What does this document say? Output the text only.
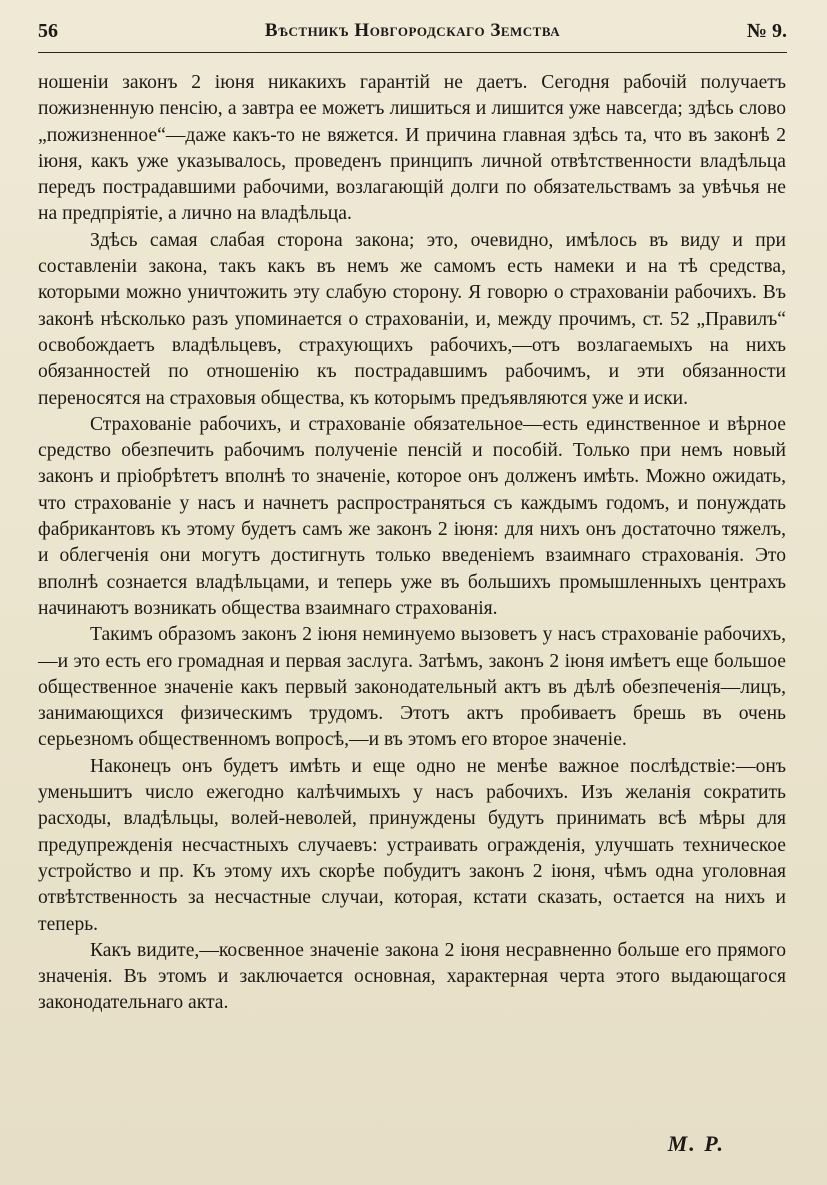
56	Вѣстникъ Новгородскаго Земства	№ 9.

ношеніи законъ 2 іюня никакихъ гарантій не даетъ. Сегодня рабочій получаетъ пожизненную пенсію, а завтра ее можетъ лишиться и лишится уже навсегда; здѣсь слово „пожизненное“—даже какъ-то не вяжется. И причина главная здѣсь та, что въ законѣ 2 іюня, какъ уже указывалось, проведенъ принципъ личной отвѣтственности владѣльца передъ пострадавшими рабочими, возлагающій долги по обязательствамъ за увѣчья не на предпріятіе, а лично на владѣльца.

Здѣсь самая слабая сторона закона; это, очевидно, имѣлось въ виду и при составленіи закона, такъ какъ въ немъ же самомъ есть намеки и на тѣ средства, которыми можно уничтожить эту слабую сторону. Я говорю о страхованіи рабочихъ. Въ законѣ нѣсколько разъ упоминается о страхованіи, и, между прочимъ, ст. 52 „Правилъ“ освобождаетъ владѣльцевъ, страхующихъ рабочихъ,—отъ возлагаемыхъ на нихъ обязанностей по отношенію къ пострадавшимъ рабочимъ, и эти обязанности переносятся на страховыя общества, къ которымъ предъявляются уже и иски.

Страхованіе рабочихъ, и страхованіе обязательное—есть единственное и вѣрное средство обезпечить рабочимъ полученіе пенсій и пособій. Только при немъ новый законъ и пріобрѣтетъ вполнѣ то значеніе, которое онъ долженъ имѣть. Можно ожидать, что страхованіе у насъ и начнетъ распространяться съ каждымъ годомъ, и понуждать фабрикантовъ къ этому будетъ самъ же законъ 2 іюня: для нихъ онъ достаточно тяжелъ, и облегченія они могутъ достигнуть только введеніемъ взаимнаго страхованія. Это вполнѣ сознается владѣльцами, и теперь уже въ большихъ промышленныхъ центрахъ начинаютъ возникать общества взаимнаго страхованія.

Такимъ образомъ законъ 2 іюня неминуемо вызоветъ у насъ страхованіе рабочихъ,—и это есть его громадная и первая заслуга. Затѣмъ, законъ 2 іюня имѣетъ еще большое общественное значеніе какъ первый законодательный актъ въ дѣлѣ обезпеченія—лицъ, занимающихся физическимъ трудомъ. Этотъ актъ пробиваетъ брешь въ очень серьезномъ общественномъ вопросѣ,—и въ этомъ его второе значеніе.

Наконецъ онъ будетъ имѣть и еще одно не менѣе важное послѣдствіе:—онъ уменьшитъ число ежегодно калѣчимыхъ у насъ рабочихъ. Изъ желанія сократить расходы, владѣльцы, волей-неволей, принуждены будутъ принимать всѣ мѣры для предупрежденія несчастныхъ случаевъ: устраивать огражденія, улучшать техническое устройство и пр. Къ этому ихъ скорѣе побудитъ законъ 2 іюня, чѣмъ одна уголовная отвѣтственность за несчастные случаи, которая, кстати сказать, остается на нихъ и теперь.

Какъ видите,—косвенное значеніе закона 2 іюня несравненно больше его прямого значенія. Въ этомъ и заключается основная, характерная черта этого выдающагося законодательнаго акта.

М. Р.
